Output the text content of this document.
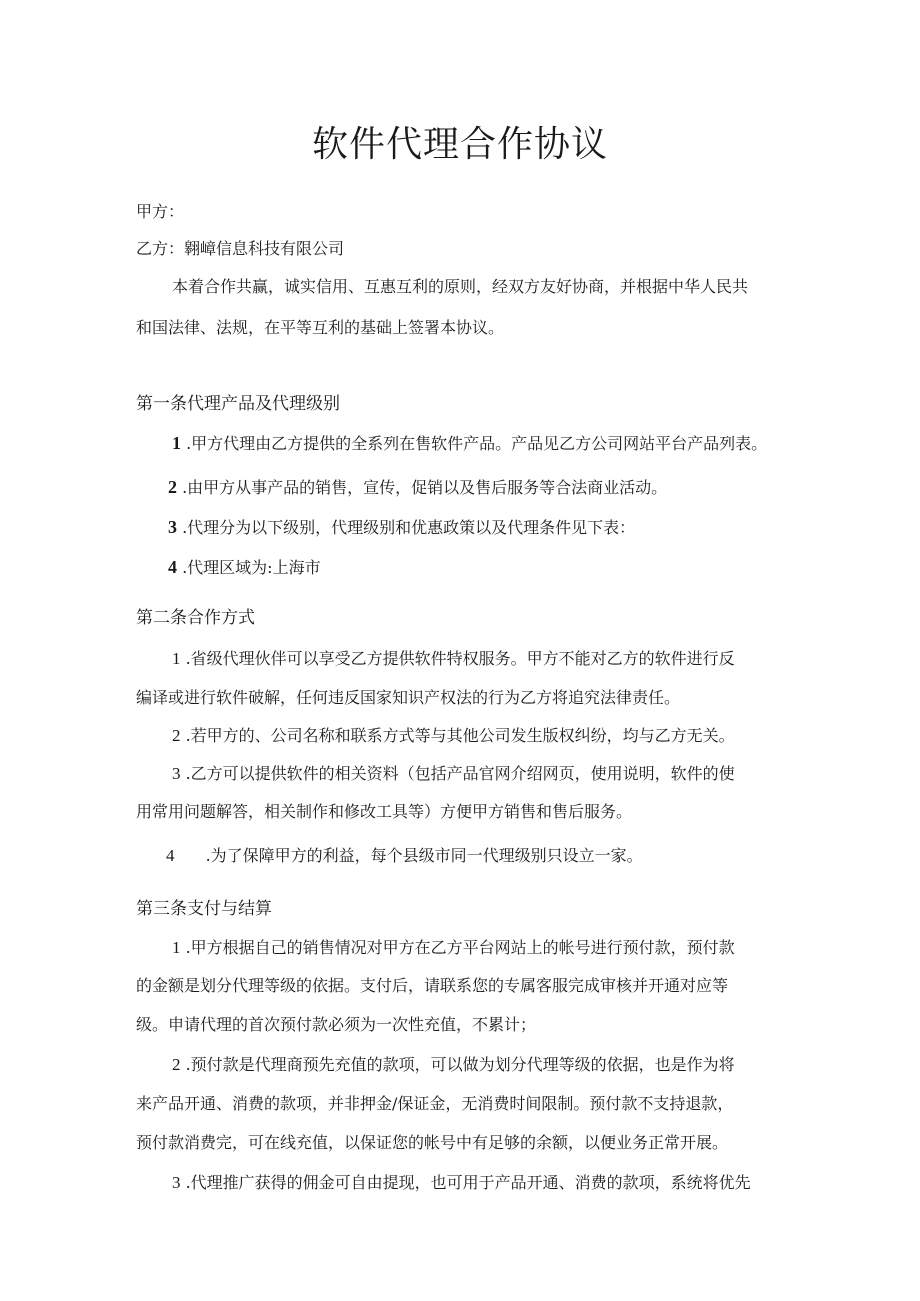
软件代理合作协议
甲方：
乙方：翱嶂信息科技有限公司
本着合作共赢，诚实信用、互惠互利的原则，经双方友好协商，并根据中华人民共
和国法律、法规，在平等互利的基础上签署本协议。
第一条代理产品及代理级别
1 .甲方代理由乙方提供的全系列在售软件产品。产品见乙方公司网站平台产品列表。
2 .由甲方从事产品的销售，宣传，促销以及售后服务等合法商业活动。
3 .代理分为以下级别，代理级别和优惠政策以及代理条件见下表：
4 .代理区域为:上海市
第二条合作方式
1 .省级代理伙伴可以享受乙方提供软件特权服务。甲方不能对乙方的软件进行反
编译或进行软件破解，任何违反国家知识产权法的行为乙方将追究法律责任。
2 .若甲方的、公司名称和联系方式等与其他公司发生版权纠纷，均与乙方无关。
3 .乙方可以提供软件的相关资料（包括产品官网介绍网页，使用说明，软件的使
用常用问题解答，相关制作和修改工具等）方便甲方销售和售后服务。
4 .为了保障甲方的利益，每个县级市同一代理级别只设立一家。
第三条支付与结算
1 .甲方根据自己的销售情况对甲方在乙方平台网站上的帐号进行预付款，预付款
的金额是划分代理等级的依据。支付后，请联系您的专属客服完成审核并开通对应等
级。申请代理的首次预付款必须为一次性充值，不累计；
2 .预付款是代理商预先充值的款项，可以做为划分代理等级的依据，也是作为将
来产品开通、消费的款项，并非押金/保证金，无消费时间限制。预付款不支持退款，
预付款消费完，可在线充值，以保证您的帐号中有足够的余额，以便业务正常开展。
3 .代理推广获得的佣金可自由提现，也可用于产品开通、消费的款项，系统将优先
